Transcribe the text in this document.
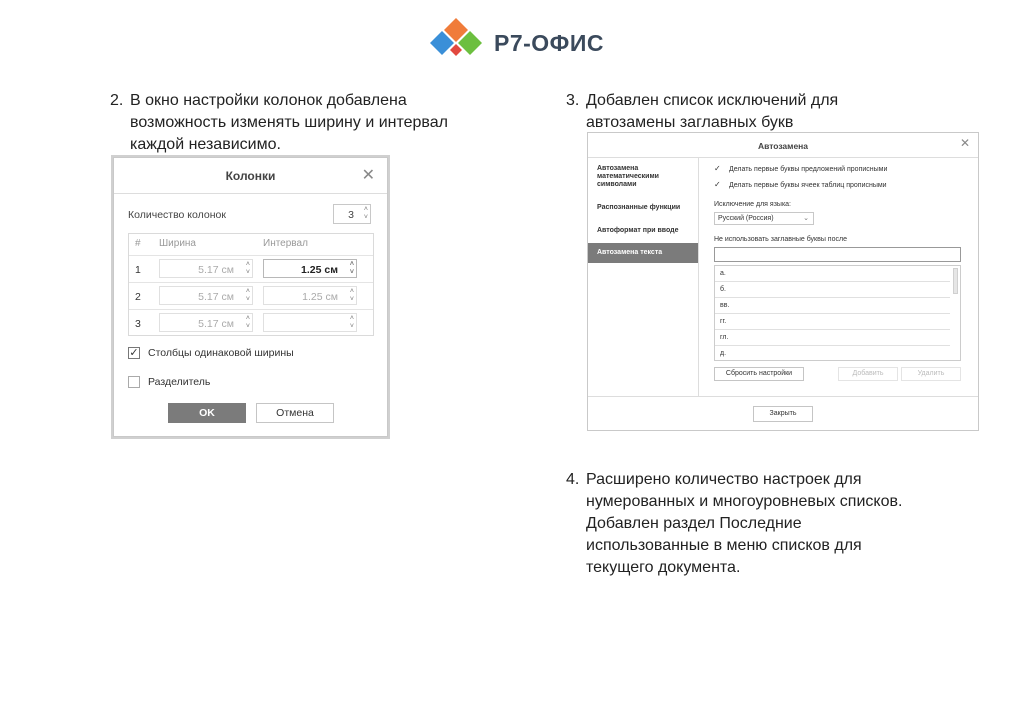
Р7-ОФИС
2. В окно настройки колонок добавлена
возможность изменять ширину и интервал
каждой независимо.
3. Добавлен список исключений для
автозамены заглавных букв
4. Расширено количество настроек для
нумерованных и многоуровневых списков.
Добавлен раздел Последние
использованные в меню списков для
текущего документа.
Колонки	✕
Количество колонок	3 ˄
˅
# Ширина	Интервал
1	5.17 см ˄
˅	1.25 см ˄
˅
2	5.17 см ˄
˅	1.25 см ˄
˅
3	5.17 см ˄
˅
˄
˅
✓ Столбцы одинаковой ширины
Разделитель
OK	Отмена
Автозамена	✕
Автозамена математическими символами
Распознанные функции
Автоформат при вводе
Автозамена текста
✓ Делать первые буквы предложений прописными
✓ Делать первые буквы ячеек таблиц прописными
Исключение для языка:
Русский (Россия)	⌄
Не использовать заглавные буквы после
а.
б.
вв.
гг.
гл.
д.
Сбросить настройки	Добавить	Удалить
Закрыть
